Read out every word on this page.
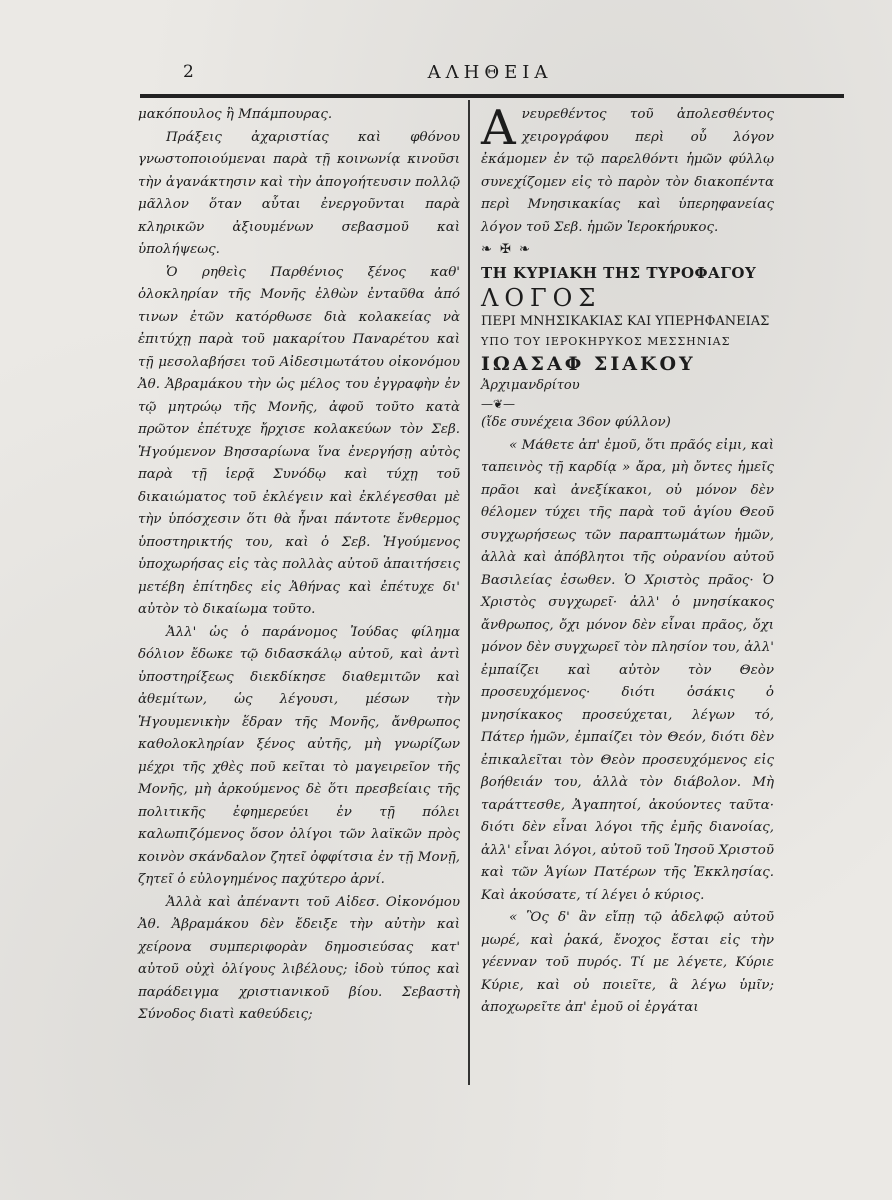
2	ΑΛΗΘΕΙΑ

μακόπουλος ἢ Μπάμπουρας.

Πράξεις ἀχαριστίας καὶ φθόνου γνωστοποιούμεναι παρὰ τῇ κοινωνίᾳ κινοῦσι τὴν ἀγανάκτησιν καὶ τὴν ἀπογοήτευσιν πολλῷ μᾶλλον ὅταν αὗται ἐνεργοῦνται παρὰ κληρικῶν ἀξιουμένων σεβασμοῦ καὶ ὑπολήψεως.

Ὁ ρηθεὶς Παρθένιος ξένος καθ' ὁλοκληρίαν τῆς Μονῆς ἐλθὼν ἐνταῦθα ἀπό τινων ἐτῶν κατόρθωσε διὰ κολακείας νὰ ἐπιτύχῃ παρὰ τοῦ μακαρίτου Παναρέτου καὶ τῇ μεσολαβήσει τοῦ Αἰδεσιμωτάτου οἰκονόμου Ἀθ. Ἀβραμάκου τὴν ὡς μέλος του ἐγγραφὴν ἐν τῷ μητρώῳ τῆς Μονῆς, ἀφοῦ τοῦτο κατὰ πρῶτον ἐπέτυχε ἤρχισε κολακεύων τὸν Σεβ. Ἡγούμενον Βησσαρίωνα ἵνα ἐνεργήσῃ αὐτὸς παρὰ τῇ ἱερᾷ Συνόδῳ καὶ τύχῃ τοῦ δικαιώματος τοῦ ἐκλέγειν καὶ ἐκλέγεσθαι μὲ τὴν ὑπόσχεσιν ὅτι θὰ ἦναι πάντοτε ἔνθερμος ὑποστηρικτής του, καὶ ὁ Σεβ. Ἡγούμενος ὑποχωρήσας εἰς τὰς πολλὰς αὐτοῦ ἀπαιτήσεις μετέβη ἐπίτηδες εἰς Ἀθήνας καὶ ἐπέτυχε δι' αὐτὸν τὸ δικαίωμα τοῦτο.

Ἀλλ' ὡς ὁ παράνομος Ἰούδας φίλημα δόλιον ἔδωκε τῷ διδασκάλῳ αὐτοῦ, καὶ ἀντὶ ὑποστηρίξεως διεκδίκησε διαθεμιτῶν καὶ ἀθεμίτων, ὡς λέγουσι, μέσων τὴν Ἡγουμενικὴν ἕδραν τῆς Μονῆς, ἄνθρωπος καθολοκληρίαν ξένος αὐτῆς, μὴ γνωρίζων μέχρι τῆς χθὲς ποῦ κεῖται τὸ μαγειρεῖον τῆς Μονῆς, μὴ ἀρκούμενος δὲ ὅτι πρεσβείαις τῆς πολιτικῆς ἐφημερεύει ἐν τῇ πόλει καλωπιζόμενος ὅσον ὀλίγοι τῶν λαϊκῶν πρὸς κοινὸν σκάνδαλον ζητεῖ ὀφφίτσια ἐν τῇ Μονῇ, ζητεῖ ὁ εὐλογημένος παχύτερο ἀρνί.

Ἀλλὰ καὶ ἀπέναντι τοῦ Αἰδεσ. Οἰκονόμου Ἀθ. Ἀβραμάκου δὲν ἔδειξε τὴν αὐτὴν καὶ χείρονα συμπεριφορὰν δημοσιεύσας κατ' αὐτοῦ οὐχὶ ὀλίγους λιβέλους; ἰδοὺ τύπος καὶ παράδειγμα χριστιανικοῦ βίου. Σεβαστὴ Σύνοδος διατὶ καθεύδεις;

Ανευρεθέντος τοῦ ἀπολεσθέντος χειρογράφου περὶ οὗ λόγον ἐκάμομεν ἐν τῷ παρελθόντι ἡμῶν φύλλῳ συνεχίζομεν εἰς τὸ παρὸν τὸν διακοπέντα περὶ Μνησικακίας καὶ ὑπερηφανείας λόγον τοῦ Σεβ. ἡμῶν Ἱεροκήρυκος.

❧ ✠ ❧

ΤΗ ΚΥΡΙΑΚΗ ΤΗΣ ΤΥΡΟΦΑΓΟΥ

ΛΟΓΟΣ

ΠΕΡΙ ΜΝΗΣΙΚΑΚΙΑΣ ΚΑΙ ΥΠΕΡΗΦΑΝΕΙΑΣ

ΥΠΟ ΤΟΥ ΙΕΡΟΚΗΡΥΚΟΣ ΜΕΣΣΗΝΙΑΣ

ΙΩΑΣΑΦ ΣΙΑΚΟΥ

Ἀρχιμανδρίτου

—❦—

(ἴδε συνέχεια 36ον φύλλον)

« Μάθετε ἀπ' ἐμοῦ, ὅτι πρᾶός εἰμι, καὶ ταπεινὸς τῇ καρδίᾳ » ἄρα, μὴ ὄντες ἡμεῖς πρᾶοι καὶ ἀνεξίκακοι, οὐ μόνον δὲν θέλομεν τύχει τῆς παρὰ τοῦ ἁγίου Θεοῦ συγχωρήσεως τῶν παραπτωμάτων ἡμῶν, ἀλλὰ καὶ ἀπόβλητοι τῆς οὐρανίου αὐτοῦ Βασιλείας ἐσωθεν. Ὁ Χριστὸς πρᾶος· Ὁ Χριστὸς συγχωρεῖ· ἀλλ' ὁ μνησίκακος ἄνθρωπος, ὄχι μόνον δὲν εἶναι πρᾶος, ὄχι μόνον δὲν συγχωρεῖ τὸν πλησίον του, ἀλλ' ἐμπαίζει καὶ αὐτὸν τὸν Θεὸν προσευχόμενος· διότι ὁσάκις ὁ μνησίκακος προσεύχεται, λέγων τό, Πάτερ ἡμῶν, ἐμπαίζει τὸν Θεόν, διότι δὲν ἐπικαλεῖται τὸν Θεὸν προσευχόμενος εἰς βοήθειάν του, ἀλλὰ τὸν διάβολον. Μὴ ταράττεσθε, Ἀγαπητοί, ἀκούοντες ταῦτα· διότι δὲν εἶναι λόγοι τῆς ἐμῆς διανοίας, ἀλλ' εἶναι λόγοι, αὐτοῦ τοῦ Ἰησοῦ Χριστοῦ καὶ τῶν Ἁγίων Πατέρων τῆς Ἐκκλησίας. Καὶ ἀκούσατε, τί λέγει ὁ κύριος.

« Ὃς δ' ἂν εἴπῃ τῷ ἀδελφῷ αὐτοῦ μωρέ, καὶ ῥακά, ἔνοχος ἔσται εἰς τὴν γέενναν τοῦ πυρός. Τί με λέγετε, Κύριε Κύριε, καὶ οὐ ποιεῖτε, ἃ λέγω ὑμῖν; ἀποχωρεῖτε ἀπ' ἐμοῦ οἱ ἐργάται
